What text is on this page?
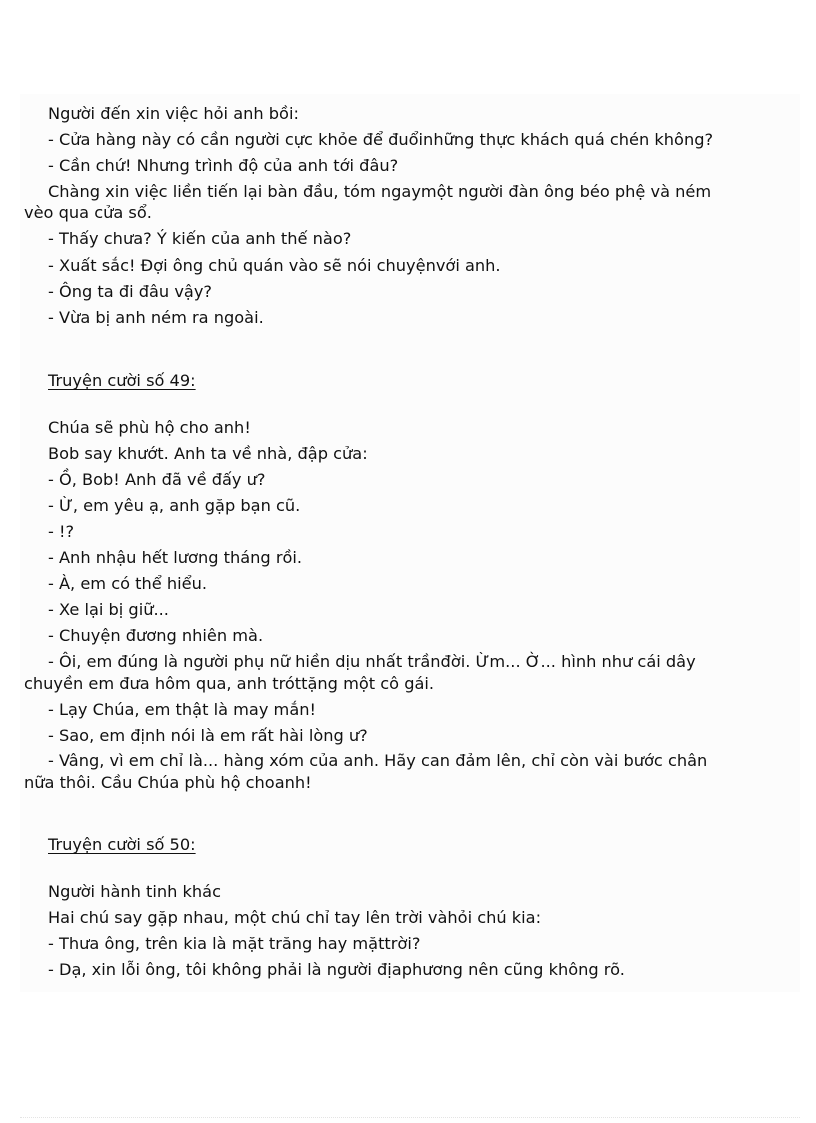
Người đến xin việc hỏi anh bồi:
- Cửa hàng này có cần người cực khỏe để đuổinhững thực khách quá chén không?
- Cần chứ! Nhưng trình độ của anh tới đâu?
Chàng xin việc liền tiến lại bàn đầu, tóm ngaymột người đàn ông béo phệ và ném
vèo qua cửa sổ.
- Thấy chưa? Ý kiến của anh thế nào?
- Xuất sắc! Đợi ông chủ quán vào sẽ nói chuyệnvới anh.
- Ông ta đi đâu vậy?
- Vừa bị anh ném ra ngoài.
Truyện cười số 49:
Chúa sẽ phù hộ cho anh!
Bob say khướt. Anh ta về nhà, đập cửa:
- Ồ, Bob! Anh đã về đấy ư?
- Ừ, em yêu ạ, anh gặp bạn cũ.
- !?
- Anh nhậu hết lương tháng rồi.
- À, em có thể hiểu.
- Xe lại bị giữ...
- Chuyện đương nhiên mà.
- Ôi, em đúng là người phụ nữ hiền dịu nhất trầnđời. Ừm... Ờ... hình như cái dây
chuyền em đưa hôm qua, anh tróttặng một cô gái.
- Lạy Chúa, em thật là may mắn!
- Sao, em định nói là em rất hài lòng ư?
- Vâng, vì em chỉ là... hàng xóm của anh. Hãy can đảm lên, chỉ còn vài bước chân
nữa thôi. Cầu Chúa phù hộ choanh!
Truyện cười số 50:
Người hành tinh khác
Hai chú say gặp nhau, một chú chỉ tay lên trời vàhỏi chú kia:
- Thưa ông, trên kia là mặt trăng hay mặttrời?
- Dạ, xin lỗi ông, tôi không phải là người địaphương nên cũng không rõ.
